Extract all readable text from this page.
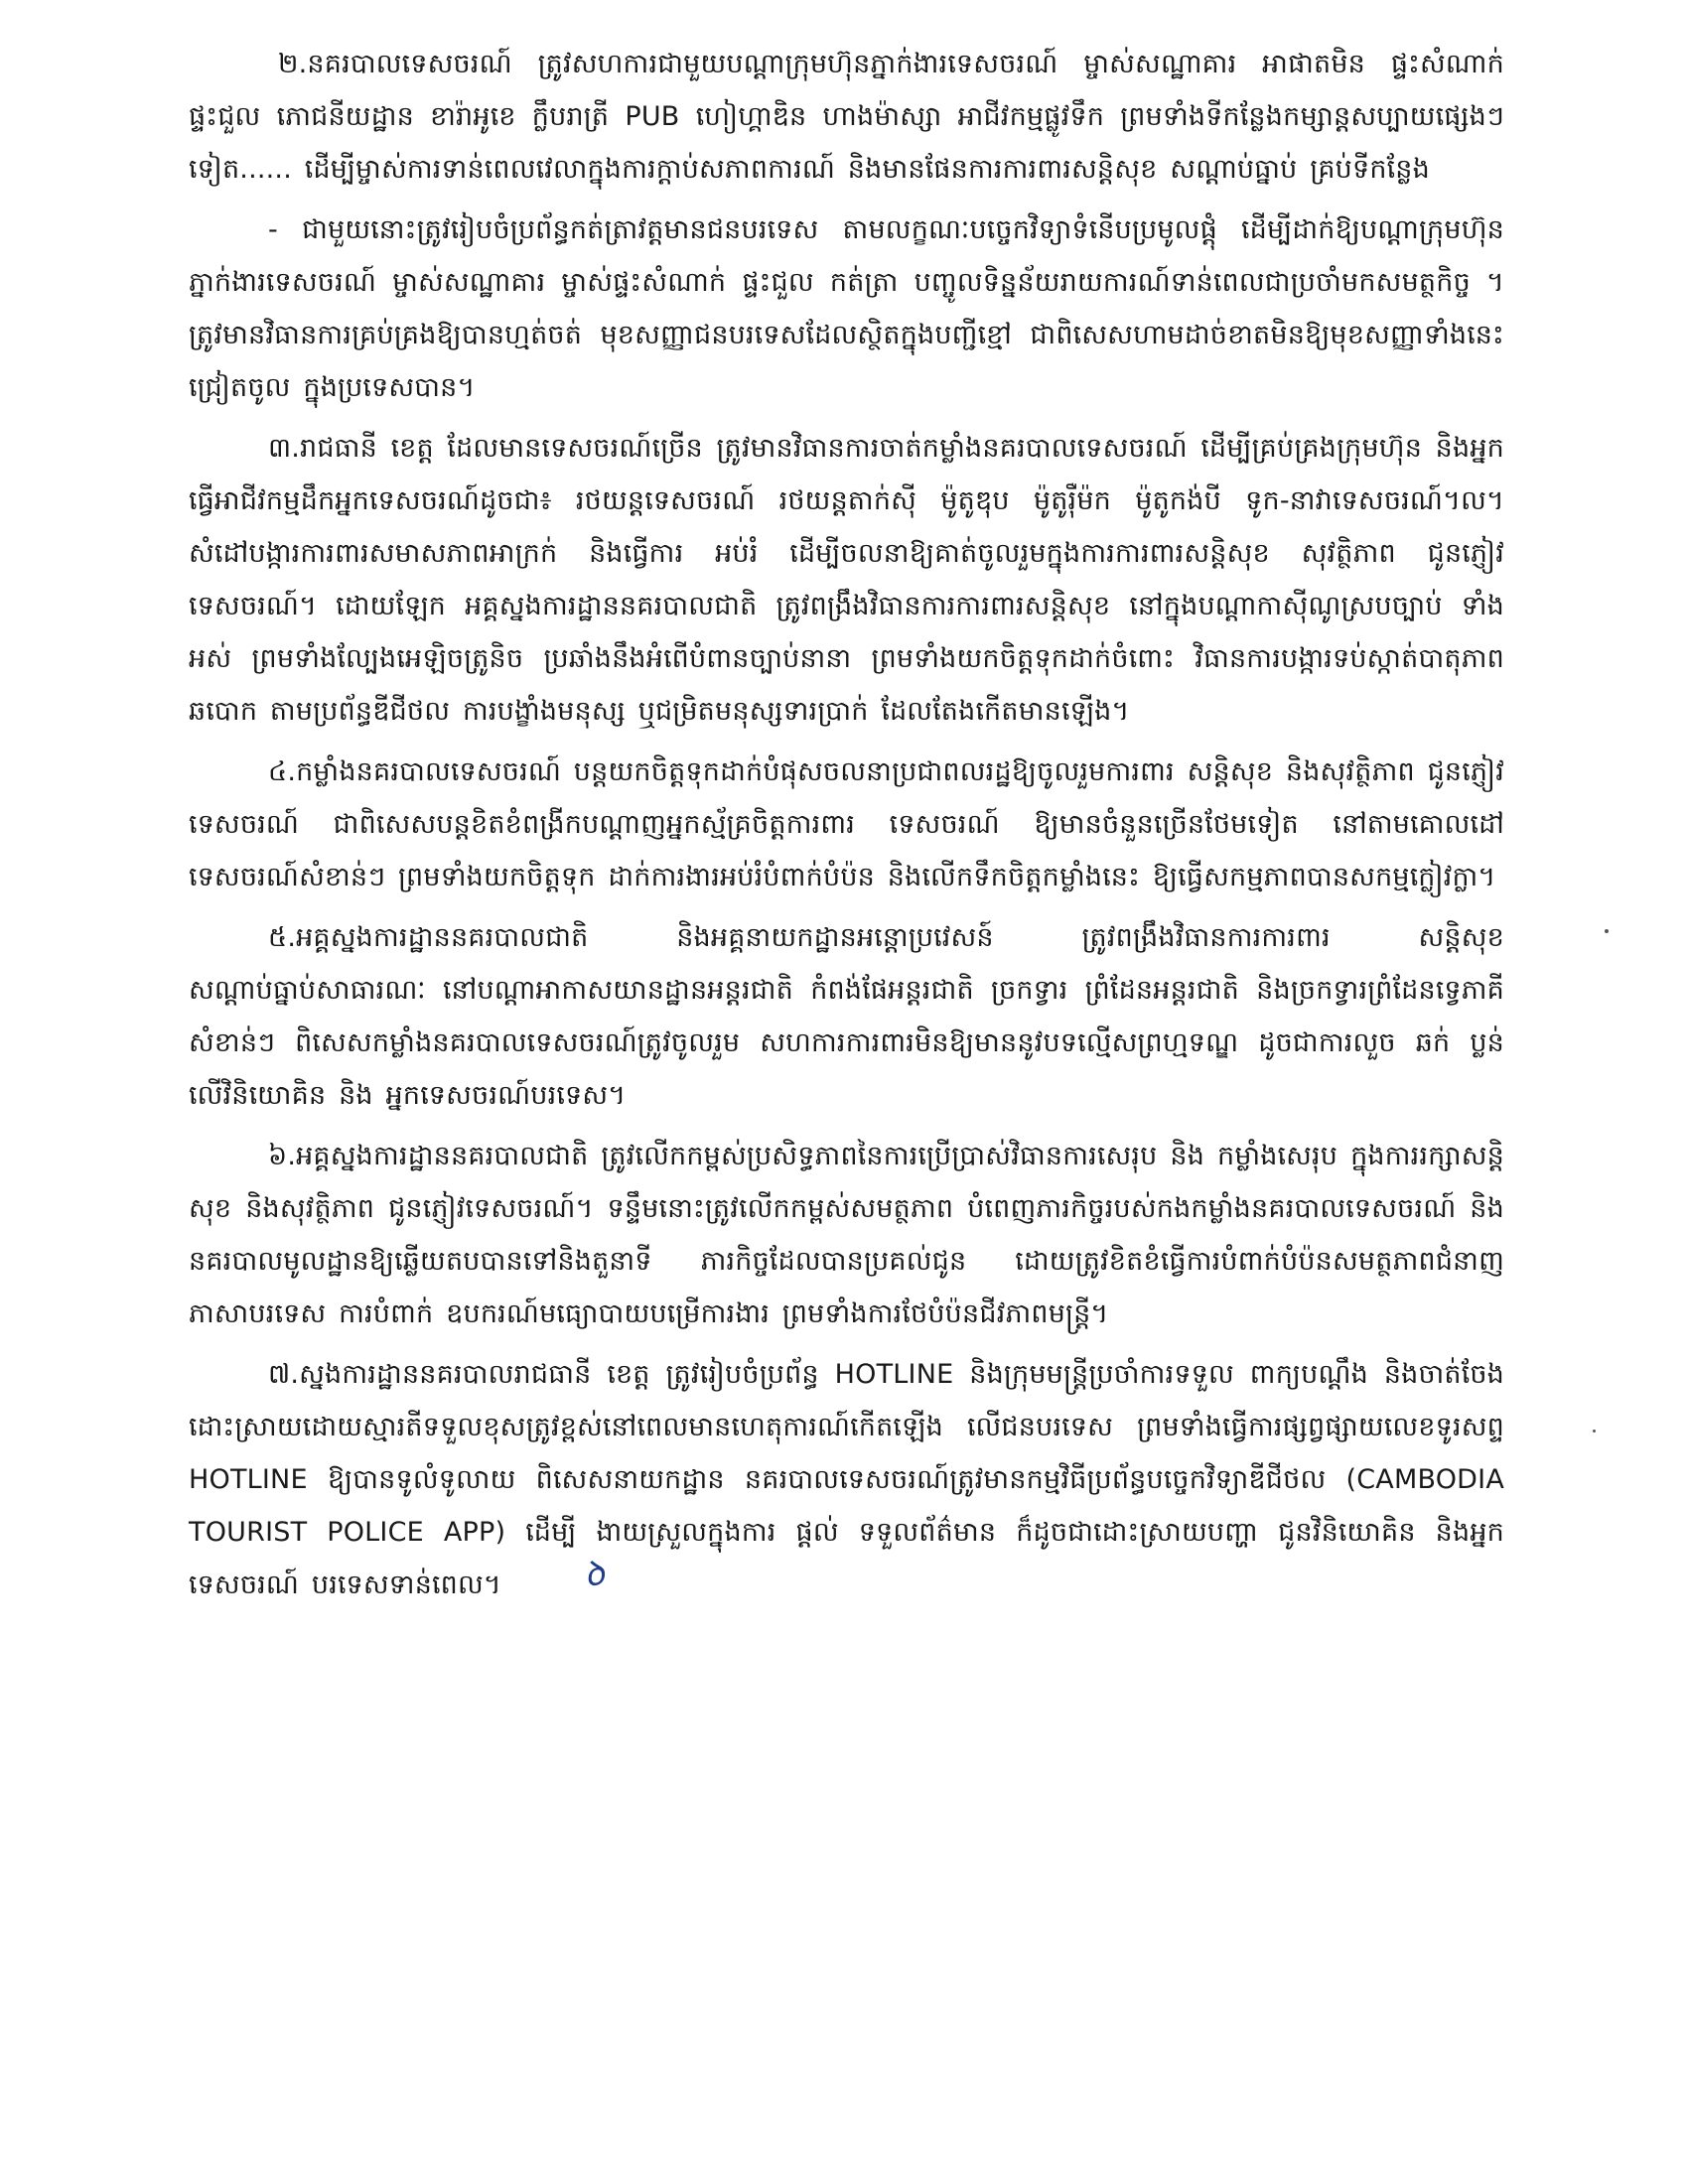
២.នគរបាលទេសចរណ៍ ត្រូវសហការជាមួយបណ្តាក្រុមហ៊ុនភ្នាក់ងារទេសចរណ៍ ម្ចាស់សណ្ឋាគារ អាផាតមិន ផ្ទះសំណាក់ ផ្ទះជួល ភោជនីយដ្ឋាន ខារ៉ាអូខេ ក្លឹបរាត្រី PUB ហៀហ្គាឌិន ហាងម៉ាស្សា អាជីវកម្មផ្លូវទឹក ព្រមទាំងទីកន្លែងកម្សាន្តសប្បាយផ្សេងៗទៀត...... ដើម្បីម្ចាស់ការទាន់ពេលវេលាក្នុងការក្តាប់សភាពការណ៍ និងមានផែនការការពារសន្តិសុខ សណ្តាប់ធ្នាប់ គ្រប់ទីកន្លែង

- ជាមួយនោះត្រូវរៀបចំប្រព័ន្ធកត់ត្រាវត្តមានជនបរទេស តាមលក្ខណៈបច្ចេកវិទ្យាទំនើបប្រមូលផ្តុំ ដើម្បីដាក់ឱ្យបណ្តាក្រុមហ៊ុនភ្នាក់ងារទេសចរណ៍ ម្ចាស់សណ្ឋាគារ ម្ចាស់ផ្ទះសំណាក់ ផ្ទះជួល កត់ត្រា បញ្ចូលទិន្នន័យរាយការណ៍ទាន់ពេលជាប្រចាំមកសមត្ថកិច្ច ។ ត្រូវមានវិធានការគ្រប់គ្រងឱ្យបានហ្មត់ចត់ មុខសញ្ញាជនបរទេសដែលស្ថិតក្នុងបញ្ជីខ្មៅ ជាពិសេសហាមដាច់ខាតមិនឱ្យមុខសញ្ញាទាំងនេះជ្រៀតចូល ក្នុងប្រទេសបាន។

៣.រាជធានី ខេត្ត ដែលមានទេសចរណ៍ច្រើន ត្រូវមានវិធានការចាត់កម្លាំងនគរបាលទេសចរណ៍ ដើម្បីគ្រប់គ្រងក្រុមហ៊ុន និងអ្នកធ្វើអាជីវកម្មដឹកអ្នកទេសចរណ៍ដូចជា៖ រថយន្តទេសចរណ៍ រថយន្តតាក់ស៊ី ម៉ូតូឌុប ម៉ូតូរ៉ឺម៉ក ម៉ូតូកង់បី ទូក-នាវាទេសចរណ៍។ល។ សំដៅបង្ការការពារសមាសភាពអាក្រក់ និងធ្វើការ អប់រំ ដើម្បីចលនាឱ្យគាត់ចូលរួមក្នុងការការពារសន្តិសុខ សុវត្ថិភាព ជូនភ្ញៀវទេសចរណ៍។ ដោយឡែក អគ្គស្នងការដ្ឋាននគរបាលជាតិ ត្រូវពង្រឹងវិធានការការពារសន្តិសុខ នៅក្នុងបណ្តាកាស៊ីណូស្របច្បាប់ ទាំងអស់ ព្រមទាំងល្បែងអេឡិចត្រូនិច ប្រឆាំងនឹងអំពើបំពានច្បាប់នានា ព្រមទាំងយកចិត្តទុកដាក់ចំពោះ វិធានការបង្ការទប់ស្កាត់បាតុភាពឆបោក តាមប្រព័ន្ធឌីជីថល ការបង្ខាំងមនុស្ស ឬជម្រិតមនុស្សទារប្រាក់ ដែលតែងកើតមានឡើង។

៤.កម្លាំងនគរបាលទេសចរណ៍ បន្តយកចិត្តទុកដាក់បំផុសចលនាប្រជាពលរដ្ឋឱ្យចូលរួមការពារ សន្តិសុខ និងសុវត្ថិភាព ជូនភ្ញៀវទេសចរណ៍ ជាពិសេសបន្តខិតខំពង្រីកបណ្តាញអ្នកស្ម័គ្រចិត្តការពារ ទេសចរណ៍ ឱ្យមានចំនួនច្រើនថែមទៀត នៅតាមគោលដៅទេសចរណ៍សំខាន់ៗ ព្រមទាំងយកចិត្តទុក ដាក់ការងារអប់រំបំពាក់បំប៉ន និងលើកទឹកចិត្តកម្លាំងនេះ ឱ្យធ្វើសកម្មភាពបានសកម្មក្លៀវក្លា។

៥.អគ្គស្នងការដ្ឋាននគរបាលជាតិ និងអគ្គនាយកដ្ឋានអន្តោប្រវេសន៍ ត្រូវពង្រឹងវិធានការការពារ សន្តិសុខ សណ្តាប់ធ្នាប់សាធារណៈ នៅបណ្តាអាកាសយានដ្ឋានអន្តរជាតិ កំពង់ផែអន្តរជាតិ ច្រកទ្វារ ព្រំដែនអន្តរជាតិ និងច្រកទ្វារព្រំដែនទ្វេភាគីសំខាន់ៗ ពិសេសកម្លាំងនគរបាលទេសចរណ៍ត្រូវចូលរួម សហការការពារមិនឱ្យមាននូវបទល្មើសព្រហ្មទណ្ឌ ដូចជាការលួច ឆក់ ប្លន់ លើវិនិយោគិន និង អ្នកទេសចរណ៍បរទេស។

៦.អគ្គស្នងការដ្ឋាននគរបាលជាតិ ត្រូវលើកកម្ពស់ប្រសិទ្ធភាពនៃការប្រើប្រាស់វិធានការសេរុប និង កម្លាំងសេរុប ក្នុងការរក្សាសន្តិសុខ និងសុវត្ថិភាព ជូនភ្ញៀវទេសចរណ៍។ ទន្ទឹមនោះត្រូវលើកកម្ពស់សមត្ថភាព បំពេញភារកិច្ចរបស់កងកម្លាំងនគរបាលទេសចរណ៍ និងនគរបាលមូលដ្ឋានឱ្យឆ្លើយតបបានទៅនិងតួនាទី ភារកិច្ចដែលបានប្រគល់ជូន ដោយត្រូវខិតខំធ្វើការបំពាក់បំប៉នសមត្ថភាពជំនាញ ភាសាបរទេស ការបំពាក់ ឧបករណ៍មធ្យោបាយបម្រើការងារ ព្រមទាំងការថែបំប៉នជីវភាពមន្ត្រី។

៧.ស្នងការដ្ឋាននគរបាលរាជធានី ខេត្ត ត្រូវរៀបចំប្រព័ន្ធ HOTLINE និងក្រុមមន្ត្រីប្រចាំការទទួល ពាក្យបណ្តឹង និងចាត់ចែងដោះស្រាយដោយស្មារតីទទួលខុសត្រូវខ្ពស់នៅពេលមានហេតុការណ៍កើតឡើង លើជនបរទេស ព្រមទាំងធ្វើការផ្សព្វផ្សាយលេខទូរសព្ទ HOTLINE ឱ្យបានទូលំទូលាយ ពិសេសនាយកដ្ឋាន នគរបាលទេសចរណ៍ត្រូវមានកម្មវិធីប្រព័ន្ធបច្ចេកវិទ្យាឌីជីថល (CAMBODIA TOURIST POLICE APP) ដើម្បី ងាយស្រួលក្នុងការ ផ្តល់ ទទួលព័ត៌មាន ក៏ដូចជាដោះស្រាយបញ្ហា ជូនវិនិយោគិន និងអ្នកទេសចរណ៍ បរទេសទាន់ពេល។ ꝺ
